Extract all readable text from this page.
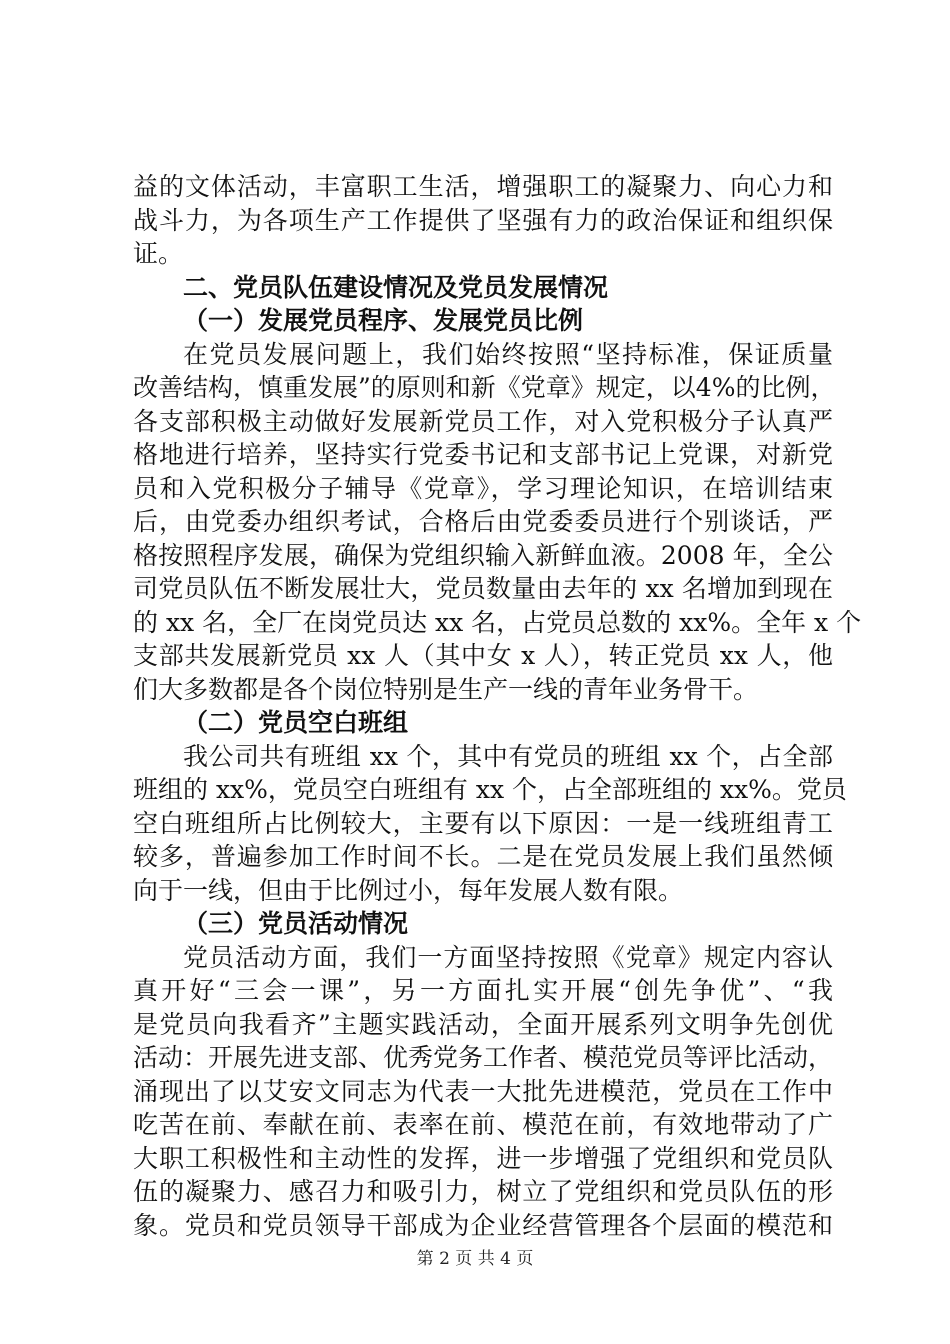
益的文体活动，丰富职工生活，增强职工的凝聚力、向心力和
战斗力，为各项生产工作提供了坚强有力的政治保证和组织保
证。
二、党员队伍建设情况及党员发展情况
（一）发展党员程序、发展党员比例
在党员发展问题上，我们始终按照“坚持标准，保证质量
改善结构，慎重发展”的原则和新《党章》规定，以4%的比例，
各支部积极主动做好发展新党员工作，对入党积极分子认真严
格地进行培养，坚持实行党委书记和支部书记上党课，对新党
员和入党积极分子辅导《党章》，学习理论知识，在培训结束
后，由党委办组织考试，合格后由党委委员进行个别谈话，严
格按照程序发展，确保为党组织输入新鲜血液。2008 年，全公
司党员队伍不断发展壮大，党员数量由去年的 xx 名增加到现在
的 xx 名，全厂在岗党员达 xx 名，占党员总数的 xx%。全年 x 个
支部共发展新党员 xx 人（其中女 x 人），转正党员 xx 人，他
们大多数都是各个岗位特别是生产一线的青年业务骨干。
（二）党员空白班组
我公司共有班组 xx 个，其中有党员的班组 xx 个，占全部
班组的 xx%，党员空白班组有 xx 个，占全部班组的 xx%。党员
空白班组所占比例较大，主要有以下原因：一是一线班组青工
较多，普遍参加工作时间不长。二是在党员发展上我们虽然倾
向于一线，但由于比例过小，每年发展人数有限。
（三）党员活动情况
党员活动方面，我们一方面坚持按照《党章》规定内容认
真开好“三会一课”，另一方面扎实开展“创先争优”、“我
是党员向我看齐”主题实践活动，全面开展系列文明争先创优
活动：开展先进支部、优秀党务工作者、模范党员等评比活动，
涌现出了以艾安文同志为代表一大批先进模范，党员在工作中
吃苦在前、奉献在前、表率在前、模范在前，有效地带动了广
大职工积极性和主动性的发挥，进一步增强了党组织和党员队
伍的凝聚力、感召力和吸引力，树立了党组织和党员队伍的形
象。党员和党员领导干部成为企业经营管理各个层面的模范和
第 2 页 共 4 页
